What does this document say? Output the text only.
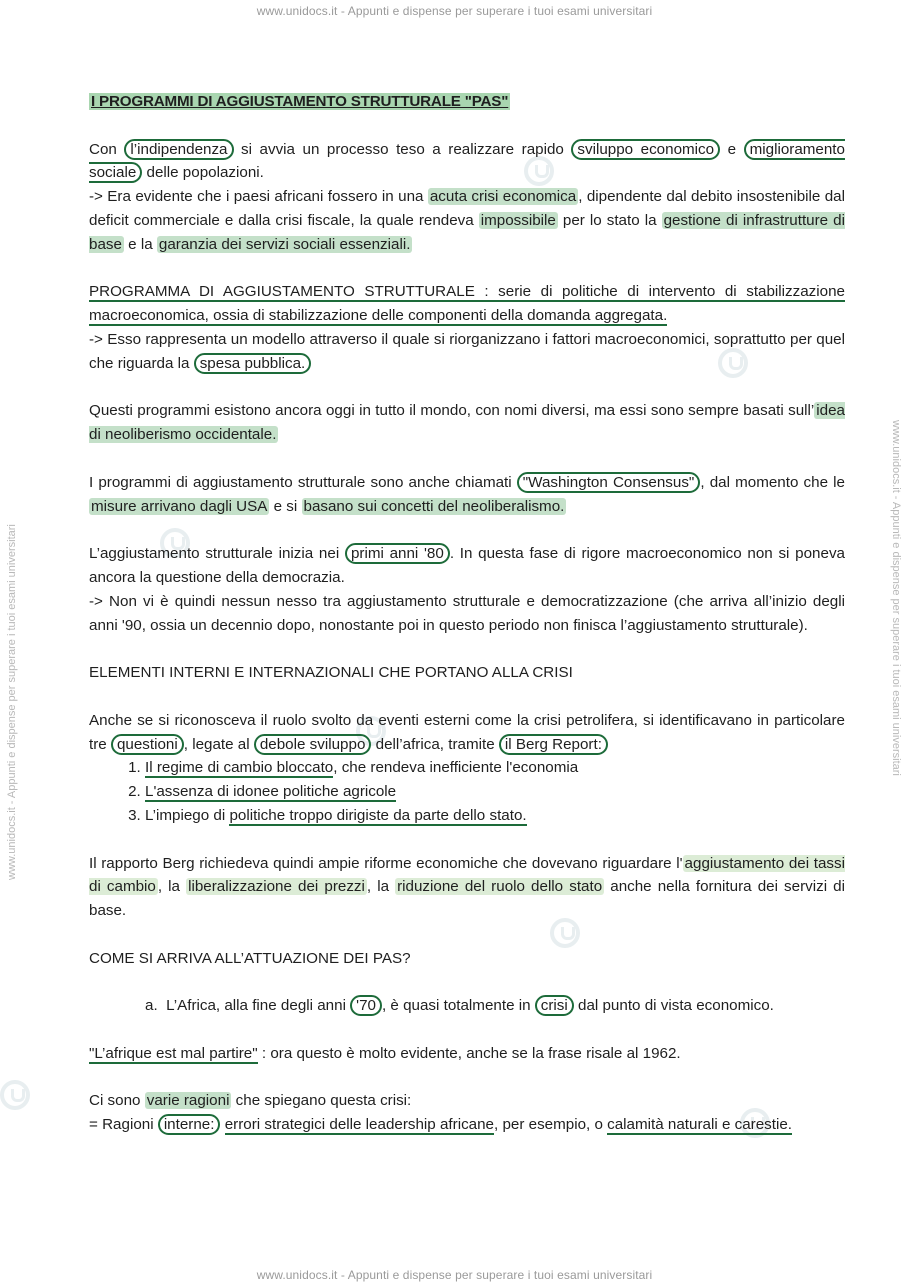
www.unidocs.it - Appunti e dispense per superare i tuoi esami universitari
www.unidocs.it - Appunti e dispense per superare i tuoi esami universitari	www.unidocs.it - Appunti e dispense per superare i tuoi esami universitari

I PROGRAMMI DI AGGIUSTAMENTO STRUTTURALE "PAS"

Con l’indipendenza si avvia un processo teso a realizzare rapido sviluppo economico e miglioramento sociale delle popolazioni.

-> Era evidente che i paesi africani fossero in una acuta crisi economica , dipendente dal debito insostenibile dal deficit commerciale e dalla crisi fiscale, la quale rendeva impossibile per lo stato la gestione di infrastrutture di base e la garanzia dei servizi sociali essenziali.

PROGRAMMA DI AGGIUSTAMENTO STRUTTURALE : serie di politiche di intervento di stabilizzazione macroeconomica, ossia di stabilizzazione delle componenti della domanda aggregata.

-> Esso rappresenta un modello attraverso il quale si riorganizzano i fattori macroeconomici, soprattutto per quel che riguarda la spesa pubblica.

Questi programmi esistono ancora oggi in tutto il mondo, con nomi diversi, ma essi sono sempre basati sull’ idea di neoliberismo occidentale.

I programmi di aggiustamento strutturale sono anche chiamati "Washington Consensus" , dal momento che le misure arrivano dagli USA e si basano sui concetti del neoliberalismo.

L’aggiustamento strutturale inizia nei primi anni '80 . In questa fase di rigore macroeconomico non si poneva ancora la questione della democrazia.

-> Non vi è quindi nessun nesso tra aggiustamento strutturale e democratizzazione (che arriva all’inizio degli anni '90, ossia un decennio dopo, nonostante poi in questo periodo non finisca l’aggiustamento strutturale).

ELEMENTI INTERNI E INTERNAZIONALI CHE PORTANO ALLA CRISI

Anche se si riconosceva il ruolo svolto da eventi esterni come la crisi petrolifera, si identificavano in particolare tre questioni , legate al debole sviluppo dell’africa, tramite il Berg Report:

1. Il regime di cambio bloccato, che rendeva inefficiente l'economia
2. L'assenza di idonee politiche agricole
3. L’impiego di politiche troppo dirigiste da parte dello stato.

Il rapporto Berg richiedeva quindi ampie riforme economiche che dovevano riguardare l' aggiustamento dei tassi di cambio , la liberalizzazione dei prezzi , la riduzione del ruolo dello stato anche nella fornitura dei servizi di base.

COME SI ARRIVA ALL’ATTUAZIONE DEI PAS?

a. L’Africa, alla fine degli anni '70 , è quasi totalmente in crisi dal punto di vista economico.

"L’afrique est mal partire" : ora questo è molto evidente, anche se la frase risale al 1962.

Ci sono varie ragioni che spiegano questa crisi:

= Ragioni interne: errori strategici delle leadership africane, per esempio, o calamità naturali e carestie.

www.unidocs.it - Appunti e dispense per superare i tuoi esami universitari
